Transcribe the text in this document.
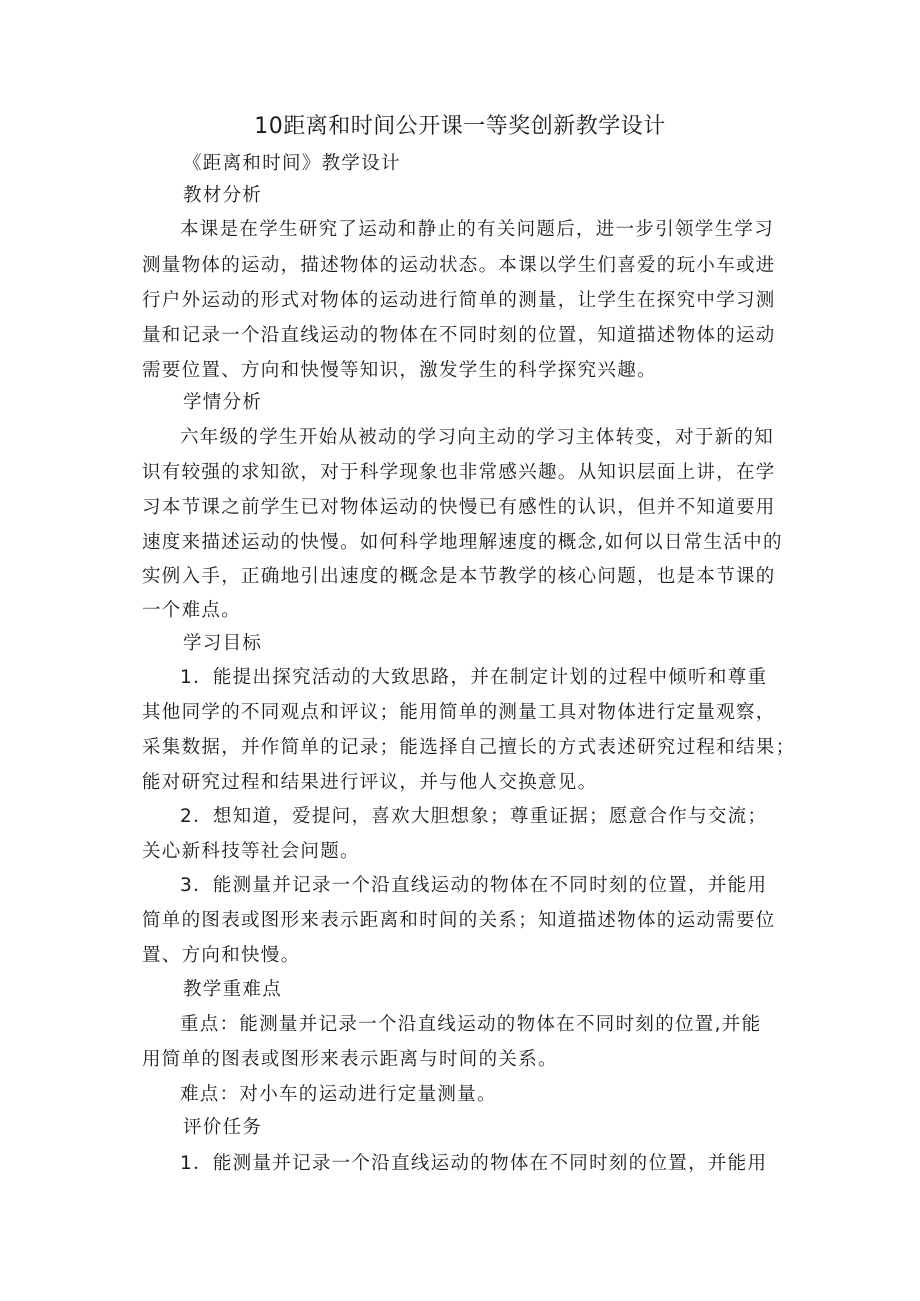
10距离和时间公开课一等奖创新教学设计
《距离和时间》教学设计
教材分析
本课是在学生研究了运动和静止的有关问题后，进一步引领学生学习
测量物体的运动，描述物体的运动状态。本课以学生们喜爱的玩小车或进
行户外运动的形式对物体的运动进行简单的测量，让学生在探究中学习测
量和记录一个沿直线运动的物体在不同时刻的位置，知道描述物体的运动
需要位置、方向和快慢等知识，激发学生的科学探究兴趣。
学情分析
六年级的学生开始从被动的学习向主动的学习主体转变，对于新的知
识有较强的求知欲，对于科学现象也非常感兴趣。从知识层面上讲，在学
习本节课之前学生已对物体运动的快慢已有感性的认识，但并不知道要用
速度来描述运动的快慢。如何科学地理解速度的概念,如何以日常生活中的
实例入手，正确地引出速度的概念是本节教学的核心问题，也是本节课的
一个难点。
学习目标
1．能提出探究活动的大致思路，并在制定计划的过程中倾听和尊重
其他同学的不同观点和评议；能用简单的测量工具对物体进行定量观察，
采集数据，并作简单的记录；能选择自己擅长的方式表述研究过程和结果；
能对研究过程和结果进行评议，并与他人交换意见。
2．想知道，爱提问，喜欢大胆想象；尊重证据；愿意合作与交流；
关心新科技等社会问题。
3．能测量并记录一个沿直线运动的物体在不同时刻的位置，并能用
简单的图表或图形来表示距离和时间的关系；知道描述物体的运动需要位
置、方向和快慢。
教学重难点
重点：能测量并记录一个沿直线运动的物体在不同时刻的位置,并能
用简单的图表或图形来表示距离与时间的关系。
难点：对小车的运动进行定量测量。
评价任务
1．能测量并记录一个沿直线运动的物体在不同时刻的位置，并能用
